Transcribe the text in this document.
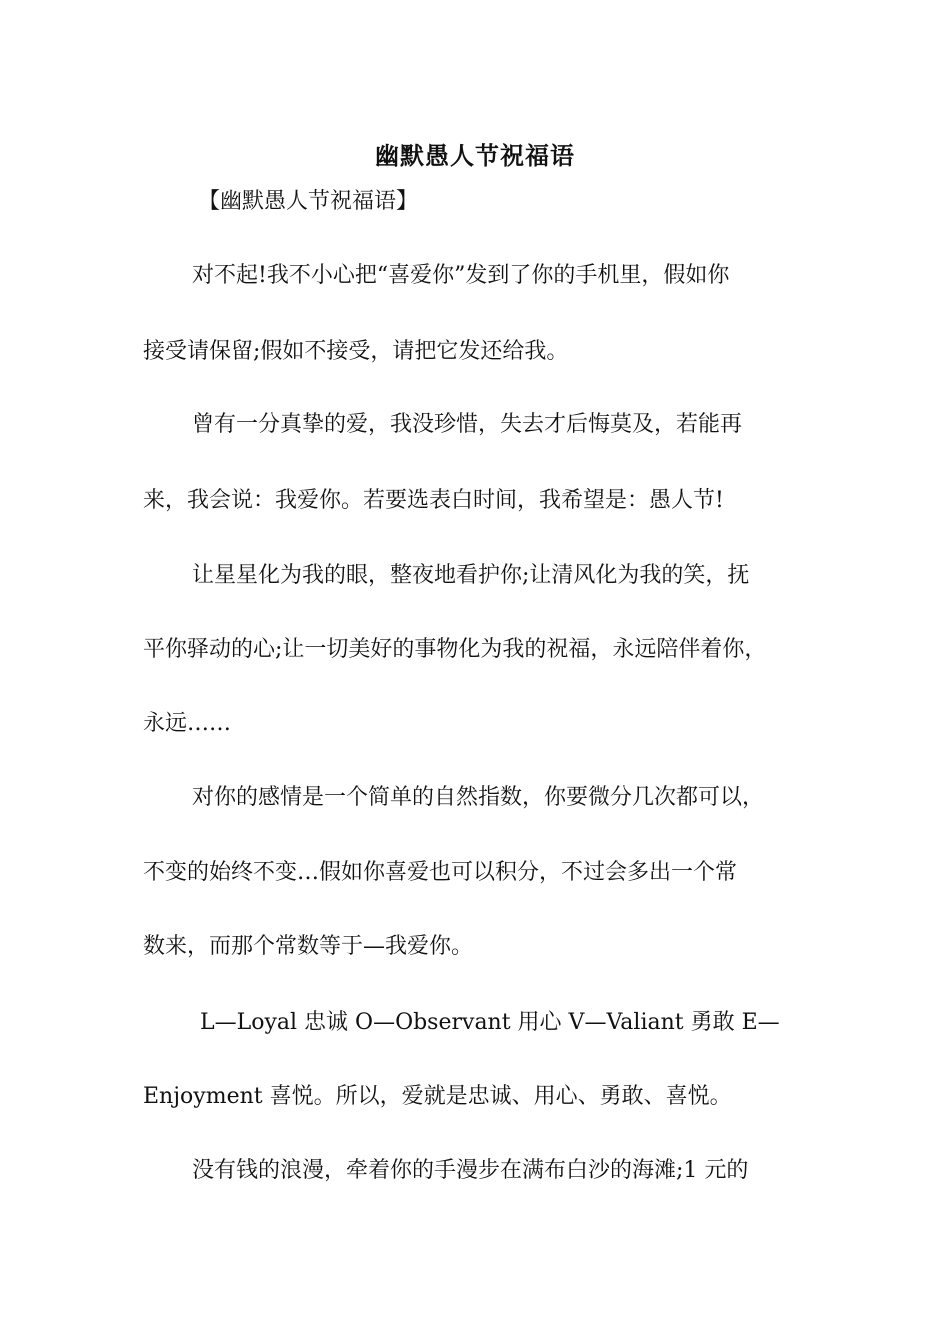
幽默愚人节祝福语
【幽默愚人节祝福语】
对不起!我不小心把“喜爱你”发到了你的手机里，假如你
接受请保留;假如不接受，请把它发还给我。
曾有一分真挚的爱，我没珍惜，失去才后悔莫及，若能再
来，我会说：我爱你。若要选表白时间，我希望是：愚人节!
让星星化为我的眼，整夜地看护你;让清风化为我的笑，抚
平你驿动的心;让一切美好的事物化为我的祝福，永远陪伴着你，
永远……
对你的感情是一个简单的自然指数，你要微分几次都可以，
不变的始终不变…假如你喜爱也可以积分，不过会多出一个常
数来，而那个常数等于—我爱你。
L—Loyal 忠诚 O—Observant 用心 V—Valiant 勇敢 E—
Enjoyment 喜悦。所以，爱就是忠诚、用心、勇敢、喜悦。
没有钱的浪漫，牵着你的手漫步在满布白沙的海滩;1 元的
